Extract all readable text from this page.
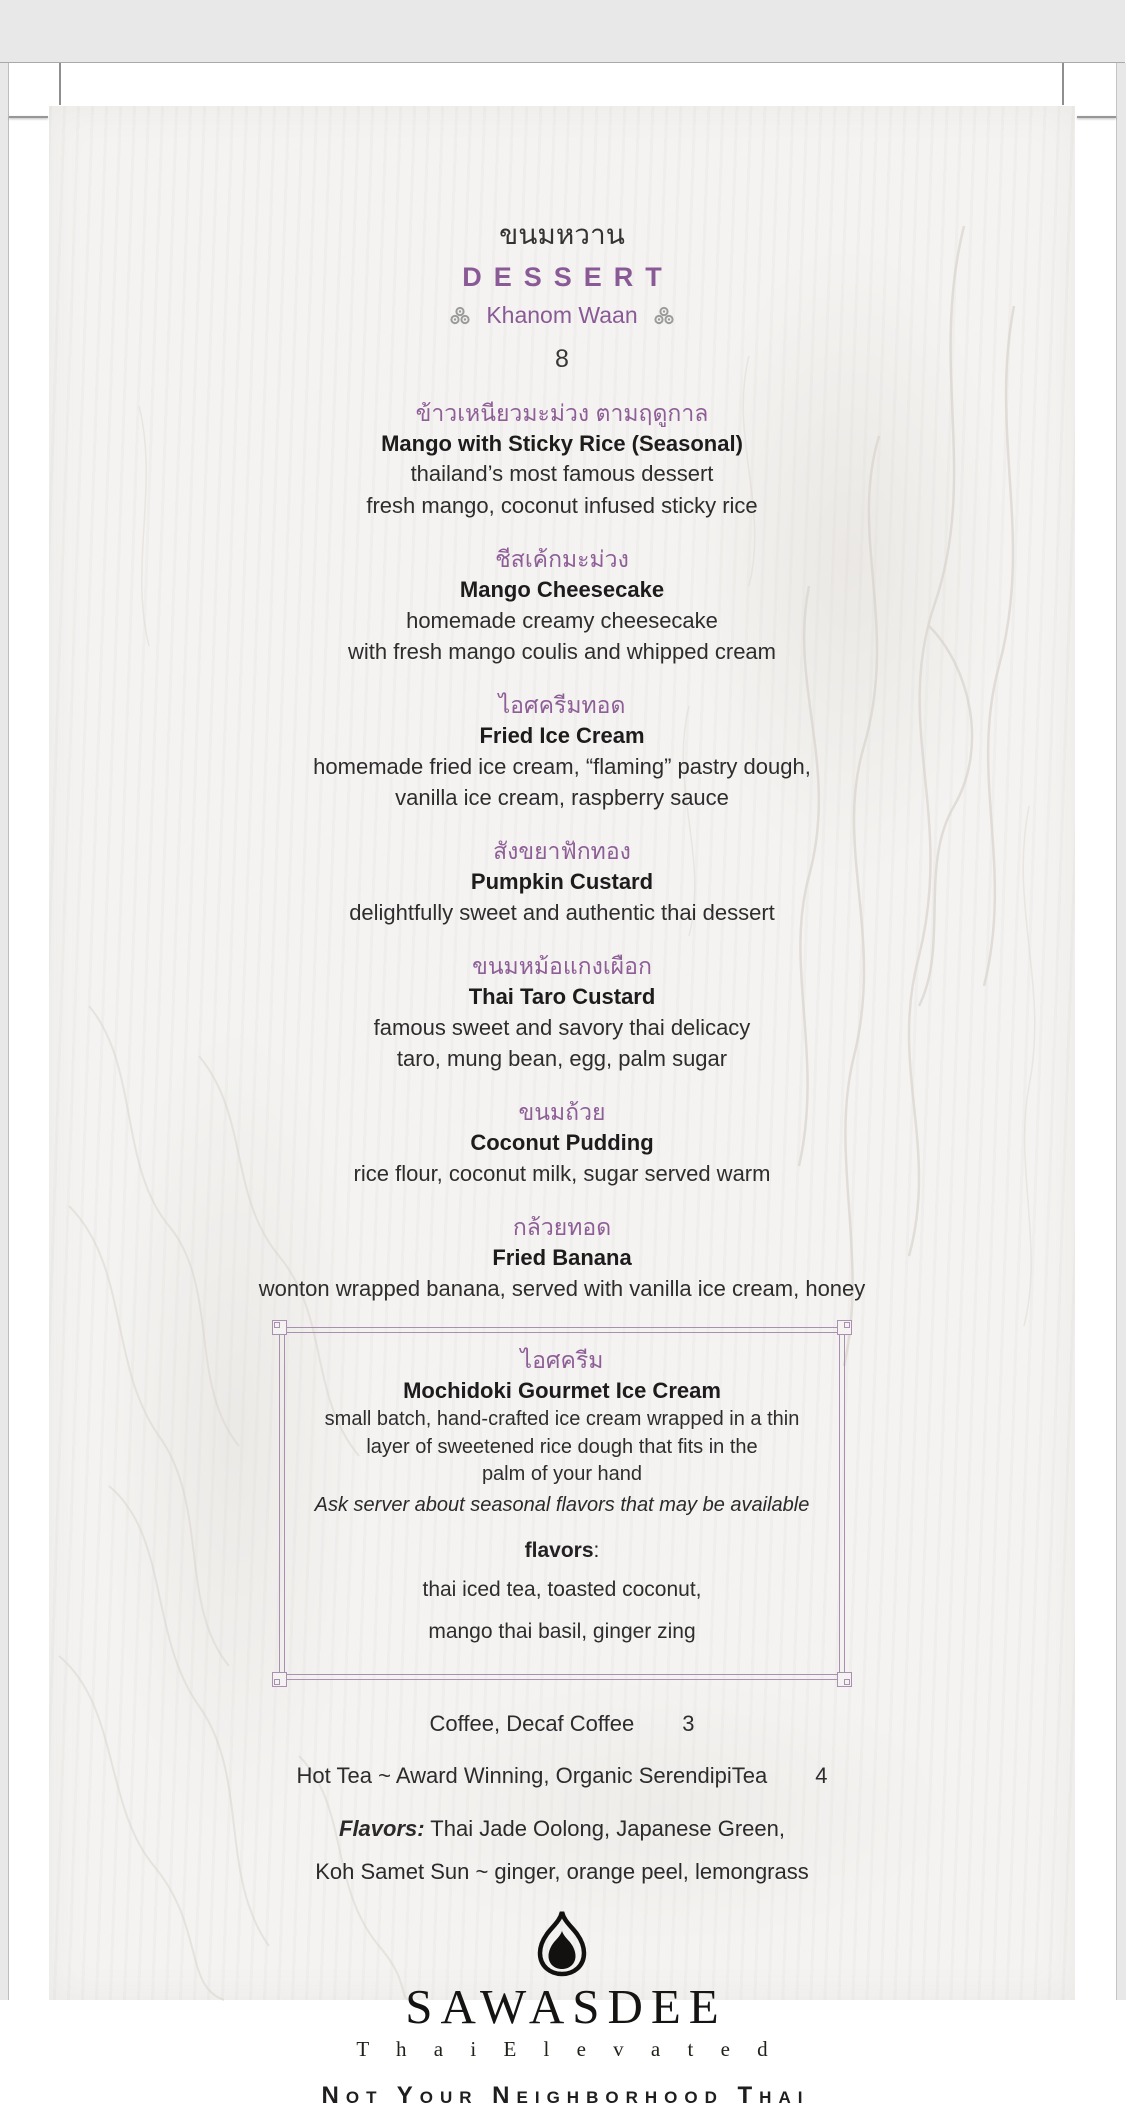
ขนมหวาน
DESSERT
Khanom Waan
8
ข้าวเหนียวมะม่วง ตามฤดูกาล
Mango with Sticky Rice (Seasonal)
thailand’s most famous dessert
fresh mango, coconut infused sticky rice
ชีสเค้กมะม่วง
Mango Cheesecake
homemade creamy cheesecake
with fresh mango coulis and whipped cream
ไอศครีมทอด
Fried Ice Cream
homemade fried ice cream, “flaming” pastry dough,
vanilla ice cream, raspberry sauce
สังขยาฟักทอง
Pumpkin Custard
delightfully sweet and authentic thai dessert
ขนมหม้อแกงเผือก
Thai Taro Custard
famous sweet and savory thai delicacy
taro, mung bean, egg, palm sugar
ขนมถ้วย
Coconut Pudding
rice flour, coconut milk, sugar served warm
กล้วยทอด
Fried Banana
wonton wrapped banana, served with vanilla ice cream, honey
ไอศครีม
Mochidoki Gourmet Ice Cream
small batch, hand-crafted ice cream wrapped in a thin
layer of sweetened rice dough that fits in the
palm of your hand
Ask server about seasonal flavors that may be available
flavors:
thai iced tea, toasted coconut,
mango thai basil, ginger zing
Coffee, Decaf Coffee 3
Hot Tea ~ Award Winning, Organic SerendipiTea 4
Flavors: Thai Jade Oolong, Japanese Green,
Koh Samet Sun ~ ginger, orange peel, lemongrass
SAWASDEE
T h a i E l e v a t e d
Not Your Neighborhood Thai
